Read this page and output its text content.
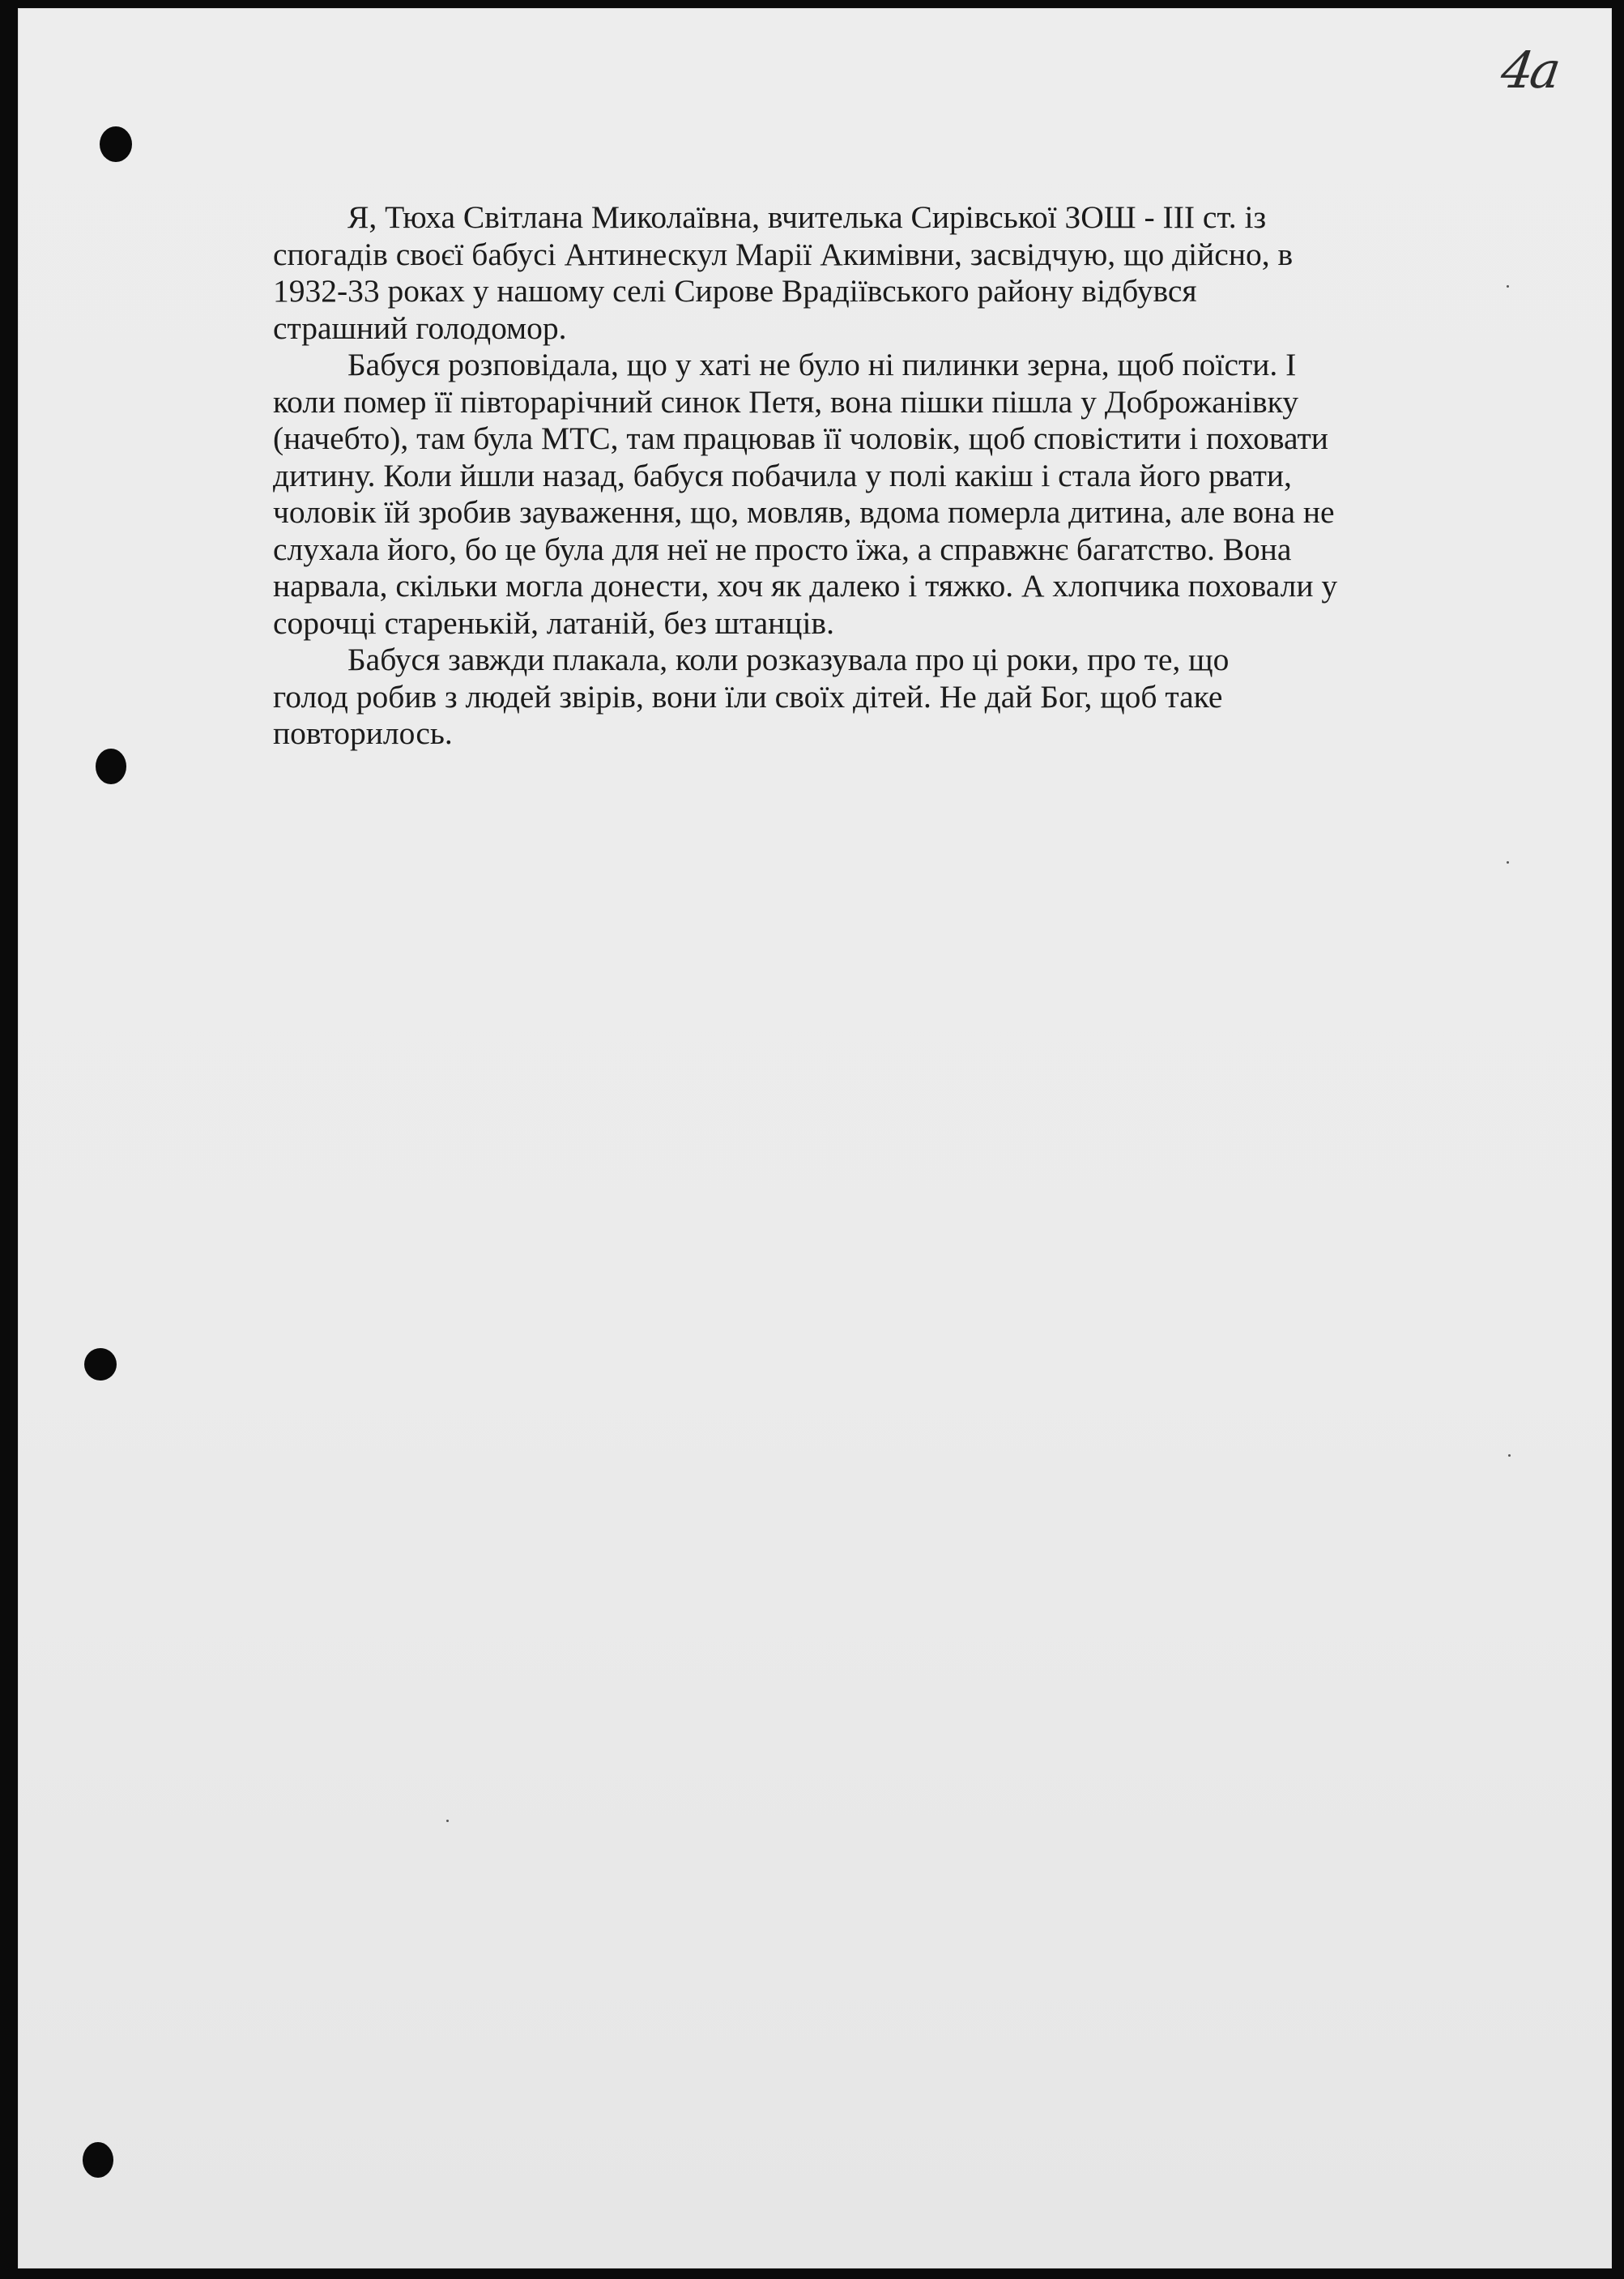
4a

Я, Тюха Світлана Миколаївна, вчителька Сирівської ЗОШ - ІІІ ст. із
спогадів своєї бабусі Антинескул Марії Акимівни, засвідчую, що дійсно, в
1932-33 роках у нашому селі Сирове Врадіївського району відбувся
страшний голодомор.

Бабуся розповідала, що у хаті не було ні пилинки зерна, щоб поїсти. І
коли помер її півторарічний синок Петя, вона пішки пішла у Доброжанівку
(начебто), там була МТС, там працював її чоловік, щоб сповістити і поховати
дитину. Коли йшли назад, бабуся побачила у полі какіш і стала його рвати,
чоловік їй зробив зауваження, що, мовляв, вдома померла дитина, але вона не
слухала його, бо це була для неї не просто їжа, а справжнє багатство. Вона
нарвала, скільки могла донести, хоч як далеко і тяжко. А хлопчика поховали у
сорочці старенькій, латаній, без штанців.

Бабуся завжди плакала, коли розказувала про ці роки, про те, що
голод робив з людей звірів, вони їли своїх дітей. Не дай Бог, щоб таке
повторилось.
